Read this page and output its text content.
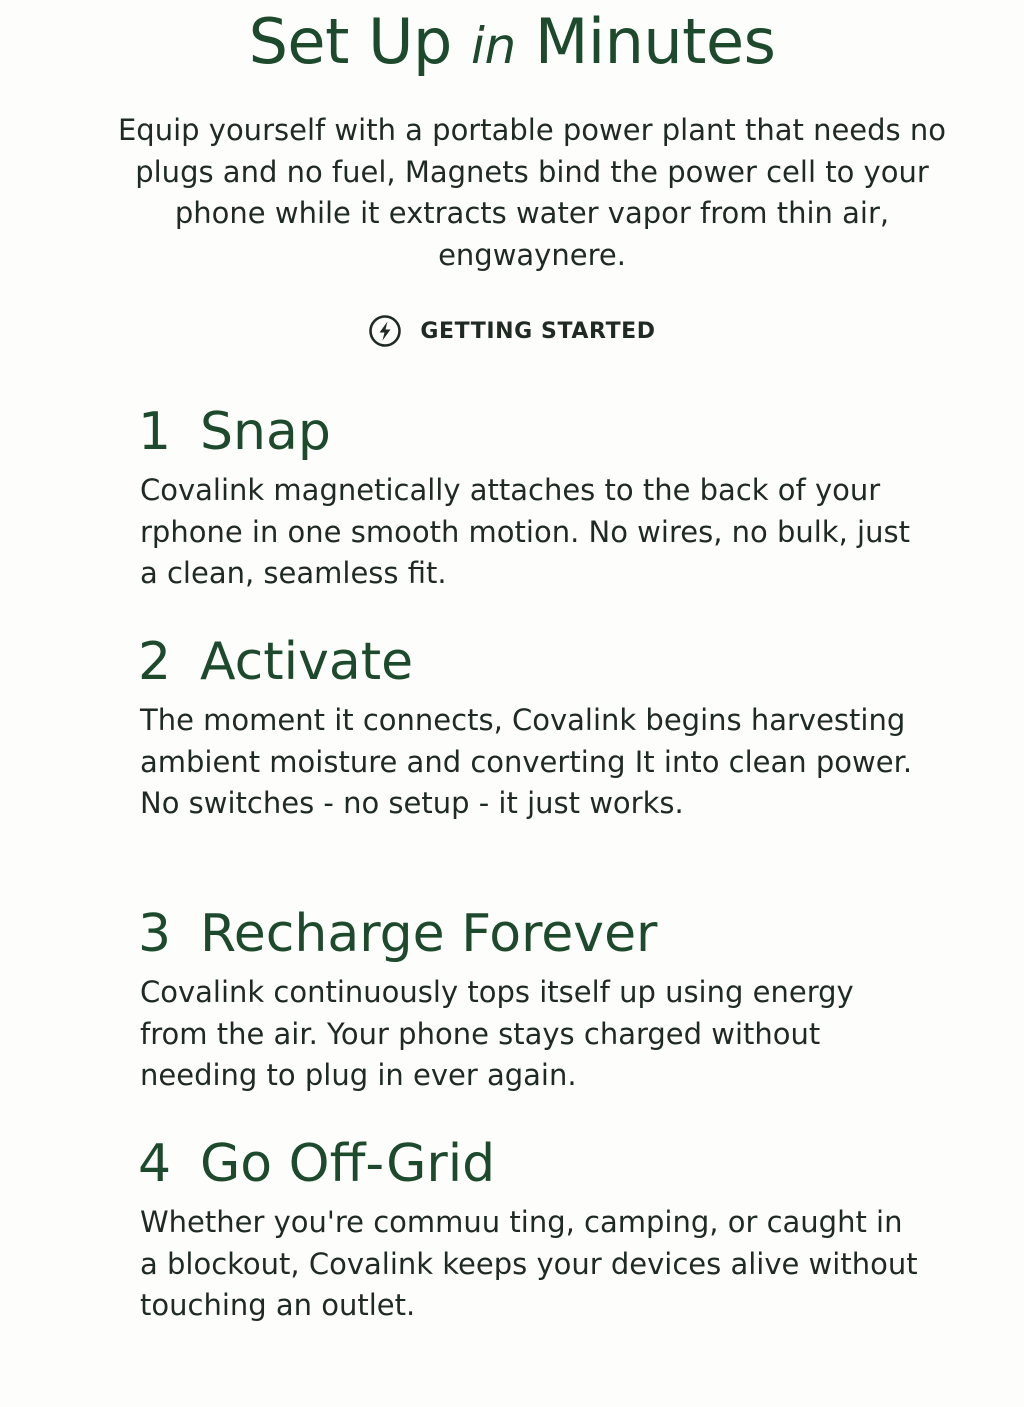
Set Up in Minutes

Equip yourself with a portable power plant that needs no plugs and no fuel, Magnets bind the power cell to your phone while it extracts water vapor from thin air, engwaynere.

GETTING STARTED
1 Snap

Covalink magnetically attaches to the back of your rphone in one smooth motion. No wires, no bulk, just a clean, seamless fit.

2 Activate

The moment it connects, Covalink begins harvesting ambient moisture and converting It into clean power. No switches - no setup - it just works.

3 Recharge Forever

Covalink continuously tops itself up using energy from the air. Your phone stays charged without needing to plug in ever again.

4 Go Off-Grid

Whether you're commuu ting, camping, or caught in a blockout, Covalink keeps your devices alive without touching an outlet.
